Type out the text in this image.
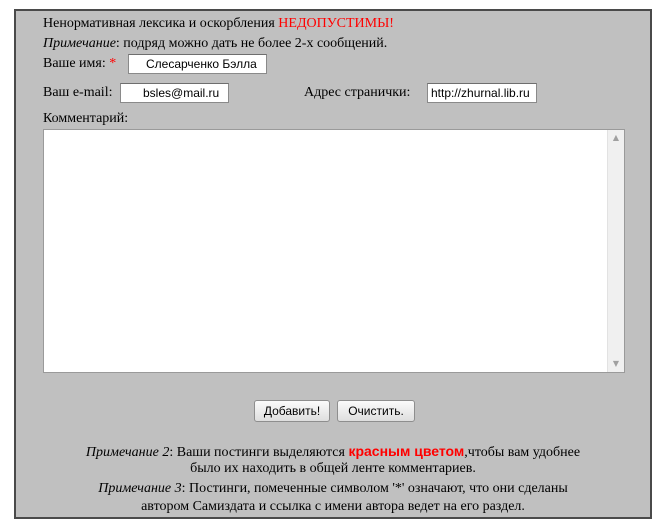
Ненормативная лексика и оскорбления НЕДОПУСТИМЫ!
Примечание: подряд можно дать не более 2-х сообщений.
Ваше имя: *	Слесарченко Бэлла
Ваш e-mail:	bsles@mail.ru	Адрес странички:	http://zhurnal.lib.ru
Комментарий:
▲
▼
Добавить!	Очистить.
Примечание 2: Ваши постинги выделяются красным цветом,чтобы вам удобнее
было их находить в общей ленте комментариев.
Примечание 3: Постинги, помеченные символом '*' означают, что они сделаны
автором Самиздата и ссылка с имени автора ведет на его раздел.
